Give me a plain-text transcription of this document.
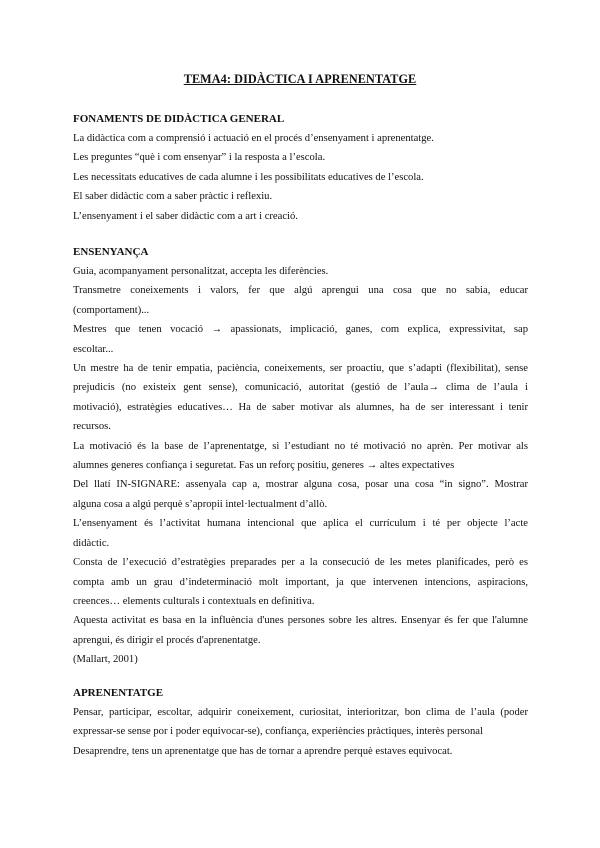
TEMA4: DIDÀCTICA I APRENENTATGE
FONAMENTS DE DIDÀCTICA GENERAL
La didàctica com a comprensió i actuació en el procés d’ensenyament i aprenentatge.
Les preguntes “què i com ensenyar” i la resposta a l’escola.
Les necessitats educatives de cada alumne i les possibilitats educatives de l’escola.
El saber didàctic com a saber pràctic i reflexiu.
L’ensenyament i el saber didàctic com a art i creació.
ENSENYANÇA
Guia, acompanyament personalitzat, accepta les diferències.
Transmetre coneixements i valors, fer que algú aprengui una cosa que no sabia, educar
(comportament)...
Mestres que tenen vocació → apassionats, implicació, ganes, com explica, expressivitat, sap
escoltar...
Un mestre ha de tenir empatia, paciència, coneixements, ser proactiu, que s’adapti (flexibilitat), sense
prejudicis (no existeix gent sense), comunicació, autoritat (gestió de l’aula→ clima de l’aula i
motivació), estratègies educatives… Ha de saber motivar als alumnes, ha de ser interessant i tenir
recursos.
La motivació és la base de l’aprenentatge, si l’estudiant no té motivació no aprèn. Per motivar als
alumnes generes confiança i seguretat. Fas un reforç positiu, generes → altes expectatives
Del llatí IN-SIGNARE: assenyala cap a, mostrar alguna cosa, posar una cosa “in signo”. Mostrar
alguna cosa a algú perquè s’apropii intel·lectualment d’allò.
L’ensenyament és l’activitat humana intencional que aplica el currículum i té per objecte l’acte
didàctic.
Consta de l’execució d’estratègies preparades per a la consecució de les metes planificades, però es
compta amb un grau d’indeterminació molt important, ja que intervenen intencions, aspiracions,
creences… elements culturals i contextuals en definitiva.
Aquesta activitat es basa en la influència d'unes persones sobre les altres. Ensenyar és fer que l'alumne
aprengui, és dirigir el procés d'aprenentatge.
(Mallart, 2001)
APRENENTATGE
Pensar, participar, escoltar, adquirir coneixement, curiositat, interioritzar, bon clima de l’aula (poder
expressar-se sense por i poder equivocar-se), confiança, experiències pràctiques, interès personal
Desaprendre, tens un aprenentatge que has de tornar a aprendre perquè estaves equivocat.
